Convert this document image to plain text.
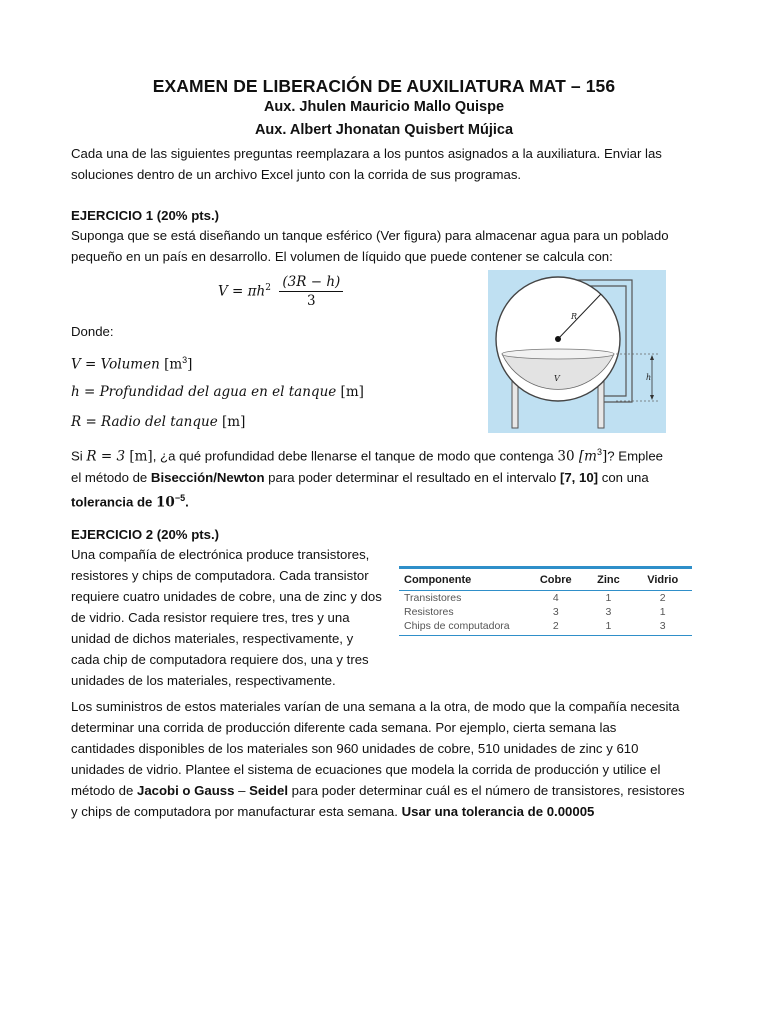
EXAMEN DE LIBERACIÓN DE AUXILIATURA MAT – 156
Aux. Jhulen Mauricio Mallo Quispe
Aux. Albert Jhonatan Quisbert Mújica
Cada una de las siguientes preguntas reemplazara a los puntos asignados a la auxiliatura. Enviar las
soluciones dentro de un archivo Excel junto con la corrida de sus programas.
EJERCICIO 1 (20% pts.)
Suponga que se está diseñando un tanque esférico (Ver figura) para almacenar agua para un poblado
pequeño en un país en desarrollo. El volumen de líquido que puede contener se calcula con:
$V = \pi h^2 \frac{(3R - h)}{3}$
Donde:
V = Volumen $[m^3]$
h = Profundidad del agua en el tanque [m]
R = Radio del tanque [m]
Si R = 3 [m], ¿a qué profundidad debe llenarse el tanque de modo que contenga 30 $[m^3]$? Emplee
el método de Bisección/Newton para poder determinar el resultado en el intervalo [7, 10] con una
tolerancia de $10^{-5}$.
R
V	h
EJERCICIO 2 (20% pts.)
Una compañía de electrónica produce transistores,
resistores y chips de computadora. Cada transistor
requiere cuatro unidades de cobre, una de zinc y dos
de vidrio. Cada resistor requiere tres, tres y una
unidad de dichos materiales, respectivamente, y
cada chip de computadora requiere dos, una y tres
unidades de los materiales, respectivamente.
Componente	Cobre	Zinc	Vidrio

Transistores	4	1	2
Resistores	3	3	1
Chips de computadora	2	1	3

Los suministros de estos materiales varían de una semana a la otra, de modo que la compañía necesita
determinar una corrida de producción diferente cada semana. Por ejemplo, cierta semana las
cantidades disponibles de los materiales son 960 unidades de cobre, 510 unidades de zinc y 610
unidades de vidrio. Plantee el sistema de ecuaciones que modela la corrida de producción y utilice el
método de Jacobi o Gauss – Seidel para poder determinar cuál es el número de transistores, resistores
y chips de computadora por manufacturar esta semana. Usar una tolerancia de 0.00005
